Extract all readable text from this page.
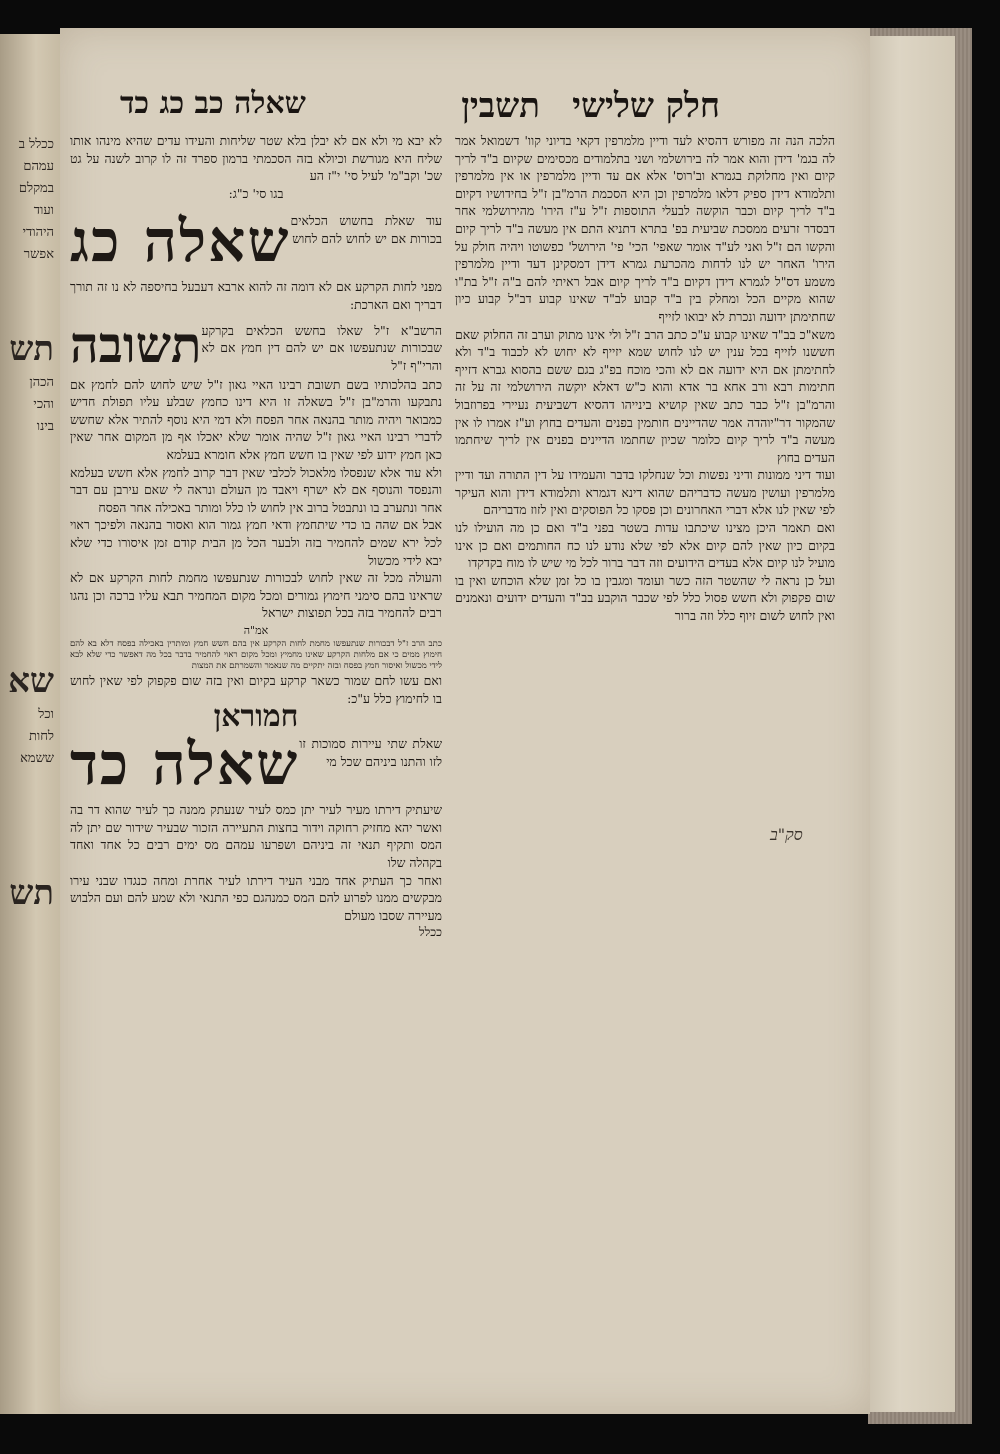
ככלל ב
עמהם
במקלם
ועוד
היהודי
אפשר
תש
הכהן
והכי
בינו
שא
וכל
לחות
ששמא
תש
חלק שלישי
תשבין
שאלה כב כג כד

הלכה הנה זה מפורש דהסיא לעד ודיין מלמרפין דקאי בדיוני קוו' דשמואל אמר לה בגמ' דידן והוא אמר לה בירושלמי ושני בתלמודים מכסימים שקיום ב"ד לריך קיום ואין מחלוקת בגמרא וב'רוס' אלא אם עד ודיין מלמרפין או אין מלמרפין ותלמודא דידן ספיק דלאו מלמרפין וכן היא הסכמת הרמ"בן ז"ל בחידושיו דקיום ב"ד לריך קיום וכבר הוקשה לבעלי התוספות ז"ל ע"ז הירו' מהירושלמי אחר דבסדר זרעים ממסכת שביעית בפ' בתרא דתניא התם אין מעשה ב"ד לריך קיום והקשו הם ז"ל ואני לע"ד אומר שאפי' הכי' פי' הירושל' כפשוטו ויהיה חולק על הירו' האחר יש לנו לדחות מהכרעת גמרא דידן דמסקינן דעד ודיין מלמרפין משמע דס"ל לגמרא דידן דקיום ב"ד לריך קיום אבל ראיתי להם ב"ה ז"ל בת"ו שהוא מקיים הכל ומחלק בין ב"ד קבוע לב"ד שאינו קבוע דב"ל קבוע כיון שחתימתן ידועה ונכרת לא יבואו לזייף

משא"כ בב"ד שאינו קבוע ע"כ כתב הרב ז"ל ולי אינו מתוק וערב זה החלוק שאם חששנו לזייף בכל ענין יש לנו לחוש שמא יזייף לא יחוש לא לכבוד ב"ד ולא לחתימתן אם היא ידועה אם לא והכי מוכח בפ"ג בגם ששם בהסוא גברא דזייף חתימות רבא ורב אחא בר אדא והוא כ"ש דאלא יוקשה הירושלמי זה על זה והרמ"בן ז"ל כבר כתב שאין קושיא בינייהו דהסיא דשביעית נעיירי בפרוזבול שהמקור דר"יוהדה אמר שהדיינים חותמין בפנים והעדים בחוץ וע"ז אמרו לו אין מעשה ב"ד לריך קיום כלומר שכיון שחתמו הדיינים בפנים אין לריך שיחתמו העדים בחוץ

ועוד דיני ממונות ודיני נפשות וכל שנחלקו בדבר והעמידו על דין התורה ועד ודיין מלמרפין ועושין מעשה כדבריהם שהוא דינא דגמרא ותלמודא דידן והוא העיקר לפי שאין לנו אלא דברי האחרונים וכן פסקו כל הפוסקים ואין לזוז מדבריהם

ואם תאמר היכן מצינו שיכתבו עדות בשטר בפני ב"ד ואם כן מה הועילו לנו בקיום כיון שאין להם קיום אלא לפי שלא נודע לנו כח החותמים ואם כן אינו מועיל לנו קיום אלא בעדים הידועים וזה דבר ברור לכל מי שיש לו מוח בקדקדו

ועל כן נראה לי שהשטר הזה כשר ועומד ומגבין בו כל זמן שלא הוכחש ואין בו שום פקפוק ולא חשש פסול כלל לפי שכבר הוקבע בב"ד והעדים ידועים ונאמנים ואין לחוש לשום זיוף כלל וזה ברור

לא יבא מי ולא אם לא יבלן בלא שטר שליחות והעידו עדים שהיא מינהו אותו שליח היא מגורשת וכיולא בזה הסכמתי ברמון ספרד זה לו קרוב לשנה על גט שכ' וקב"מ' לעיל סי' י"ז הע

בגו סי' כ"ג:

שאלה כג עוד שאלת בחשוש הכלאים בכורות אם יש לחוש להם לחוש

מפני לחות הקרקע אם לא דומה זה להוא ארבא דעבעל בחיספה לא נו זה תורך דבריך ואם הארכת:

תשובה הרשב"א ז"ל שאלו בחשש הכלאים בקרקע שבכורות שנתעפשו אם יש להם דין חמץ אם לא והרי"ף ז"ל

כתב בהלכותיו בשם תשובת רבינו האיי גאון ז"ל שיש לחוש להם לחמץ אם נתבקעו והרמ"בן ז"ל בשאלה זו היא דינו כחמץ שבלע עליו תפולת חדיש כמבואר ויהיה מותר בהנאה אחר הפסח ולא דמי היא נוסף להתיר אלא שחשש לדברי רבינו האיי גאון ז"ל שהיה אומר שלא יאכלו אף מן המקום אחר שאין כאן חמץ ידוע לפי שאין בו חשש חמץ אלא חומרא בעלמא

ולא עוד אלא שנפסלו מלאכול לכלבי שאין דבר קרוב לחמץ אלא חשש בעלמא והנפסד והנוסף אם לא ישרף ויאבד מן העולם ונראה לי שאם עירבן עם דבר אחר ונתערב בו ונתבטל ברוב אין לחוש לו כלל ומותר באכילה אחר הפסח

אבל אם שהה בו כדי שיתחמץ ודאי חמץ גמור הוא ואסור בהנאה ולפיכך ראוי לכל ירא שמים להחמיר בזה ולבער הכל מן הבית קודם זמן איסורו כדי שלא יבא לידי מכשול

והעולה מכל זה שאין לחוש לבכורות שנתעפשו מחמת לחות הקרקע אם לא שראינו בהם סימני חימוץ גמורים ומכל מקום המחמיר תבא עליו ברכה וכן נהגו רבים להחמיר בזה בכל תפוצות ישראל

אמ"ה

כתב הרב ז"ל דבכורות שנתעפשו מחמת לחות הקרקע אין בהם חשש חמץ ומותרין באכילה בפסח דלא בא להם חימוץ ממים כי אם מלחות הקרקע שאינו מחמיץ ומכל מקום ראוי להחמיר בדבר בכל מה דאפשר כדי שלא לבא לידי מכשול ואיסור חמץ בפסח ובזה יתקיים מה שנאמר והשמרתם את המצות

ואם עשו לחם שמור כשאר קרקע בקיום ואין בזה שום פקפוק לפי שאין לחוש בו לחימוץ כלל ע"כ:

חמוראן

שאלה כד שאלת שתי עיירות סמוכות זו לזו והתנו ביניהם שכל מי

שיעתיק דירתו מעיר לעיר יתן כמס לעיר שנעתק ממנה כך לעיר שהוא דר בה ואשר יהא מחזיק רחוקה וידור בחצות התעיירה הזכור שבעיר שידור שם יתן לה המס ותקיף תנאי זה ביניהם ושפרעו עמהם מס ימים רבים כל אחד ואחד בקהלה שלו

ואחר כך העתיק אחד מבני העיר דירתו לעיר אחרת ומחה כנגדו שבני עירו מבקשים ממנו לפרוע להם המס כמנהגם כפי התנאי ולא שמע להם ועם הלבוש מעיירה שסבו מעולם

ככלל

סק"ב
